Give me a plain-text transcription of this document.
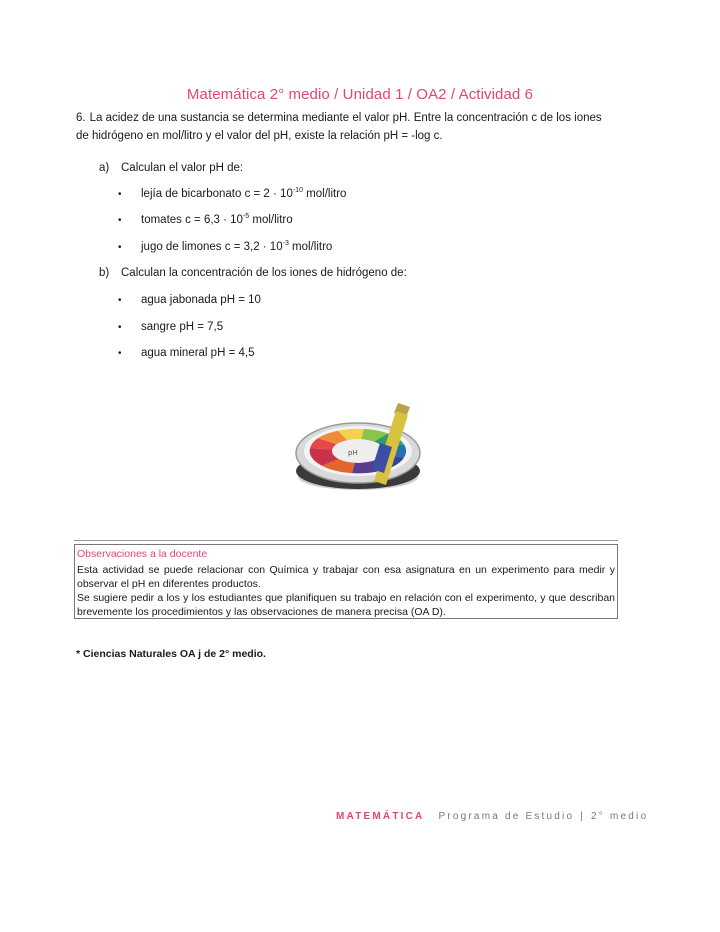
Matemática 2° medio / Unidad 1 / OA2 / Actividad 6
6. La acidez de una sustancia se determina mediante el valor pH. Entre la concentración c de los iones
de hidrógeno en mol/litro y el valor del pH, existe la relación pH = -log c.
a) Calculan el valor pH de:
• lejía de bicarbonato $c = 2 \cdot 10^{-10}$ mol/litro
• tomates $c = 6,3 \cdot 10^{-5}$ mol/litro
• jugo de limones $c = 3,2 \cdot 10^{-3}$ mol/litro
b) Calculan la concentración de los iones de hidrógeno de:
• agua jabonada pH = 10
• sangre pH = 7,5
• agua mineral pH = 4,5
pH
Observaciones a la docente

Esta actividad se puede relacionar con Química y trabajar con esa asignatura en un experimento para medir y observar el pH en diferentes productos.

Se sugiere pedir a los y los estudiantes que planifiquen su trabajo en relación con el experimento, y que describan brevemente los procedimientos y las observaciones de manera precisa (OA D).

* Ciencias Naturales OA j de 2° medio.
MATEMÁTICA Programa de Estudio | 2° medio
